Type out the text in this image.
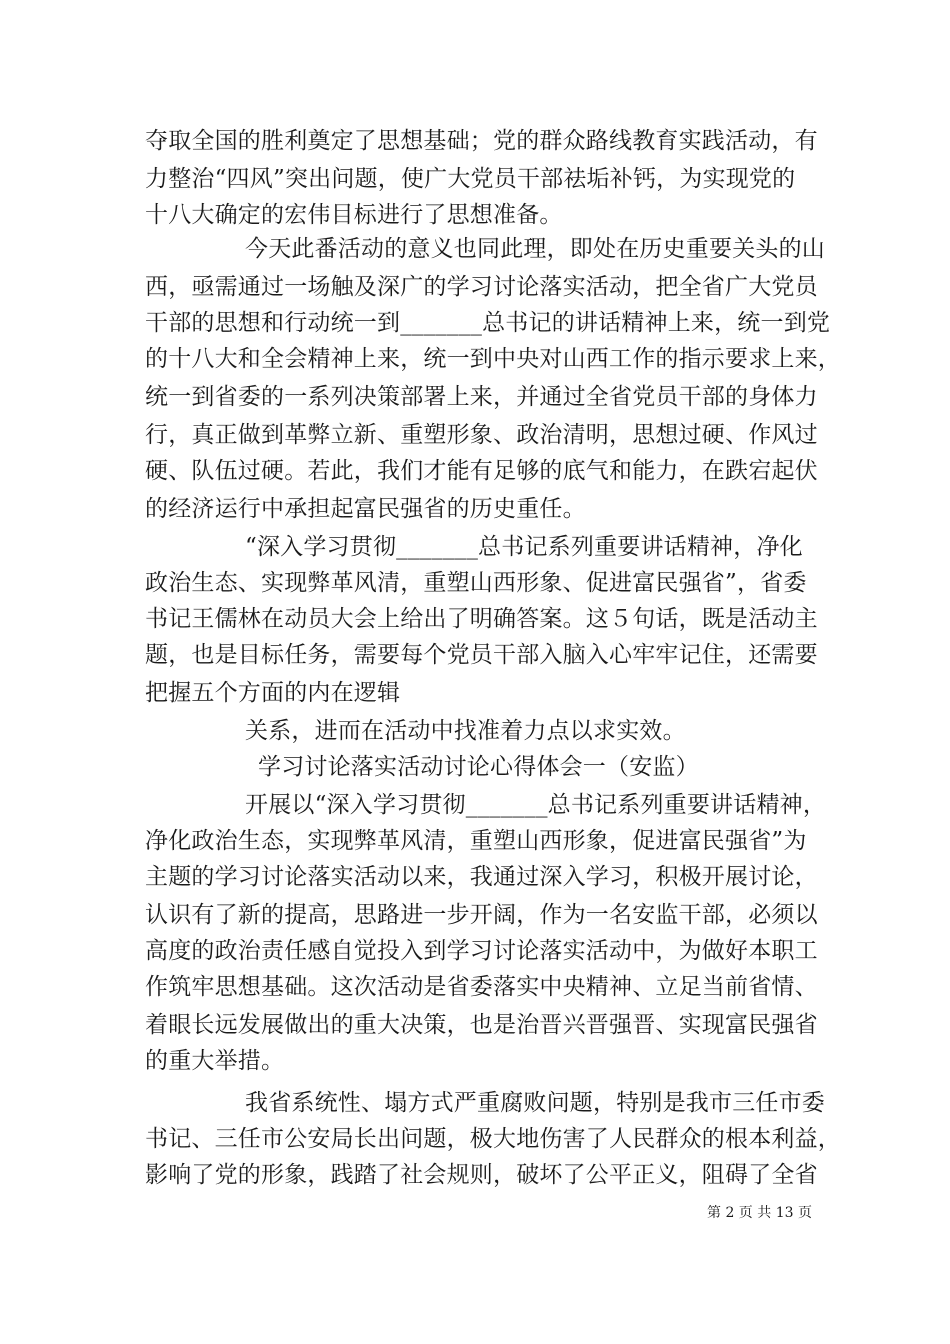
夺取全国的胜利奠定了思想基础；党的群众路线教育实践活动，有
力整治“四风”突出问题，使广大党员干部祛垢补钙，为实现党的
十八大确定的宏伟目标进行了思想准备。
今天此番活动的意义也同此理，即处在历史重要关头的山
西，亟需通过一场触及深广的学习讨论落实活动，把全省广大党员
干部的思想和行动统一到_______总书记的讲话精神上来，统一到党
的十八大和全会精神上来，统一到中央对山西工作的指示要求上来，
统一到省委的一系列决策部署上来，并通过全省党员干部的身体力
行，真正做到革弊立新、重塑形象、政治清明，思想过硬、作风过
硬、队伍过硬。若此，我们才能有足够的底气和能力，在跌宕起伏
的经济运行中承担起富民强省的历史重任。
“深入学习贯彻_______总书记系列重要讲话精神，净化
政治生态、实现弊革风清，重塑山西形象、促进富民强省”，省委
书记王儒林在动员大会上给出了明确答案。这５句话，既是活动主
题，也是目标任务，需要每个党员干部入脑入心牢牢记住，还需要
把握五个方面的内在逻辑
关系，进而在活动中找准着力点以求实效。
学习讨论落实活动讨论心得体会一（安监）
开展以“深入学习贯彻_______总书记系列重要讲话精神，
净化政治生态，实现弊革风清，重塑山西形象，促进富民强省”为
主题的学习讨论落实活动以来，我通过深入学习，积极开展讨论，
认识有了新的提高，思路进一步开阔，作为一名安监干部，必须以
高度的政治责任感自觉投入到学习讨论落实活动中，为做好本职工
作筑牢思想基础。这次活动是省委落实中央精神、立足当前省情、
着眼长远发展做出的重大决策，也是治晋兴晋强晋、实现富民强省
的重大举措。
我省系统性、塌方式严重腐败问题，特别是我市三任市委
书记、三任市公安局长出问题，极大地伤害了人民群众的根本利益，
影响了党的形象，践踏了社会规则，破坏了公平正义，阻碍了全省
第 2 页 共 13 页
